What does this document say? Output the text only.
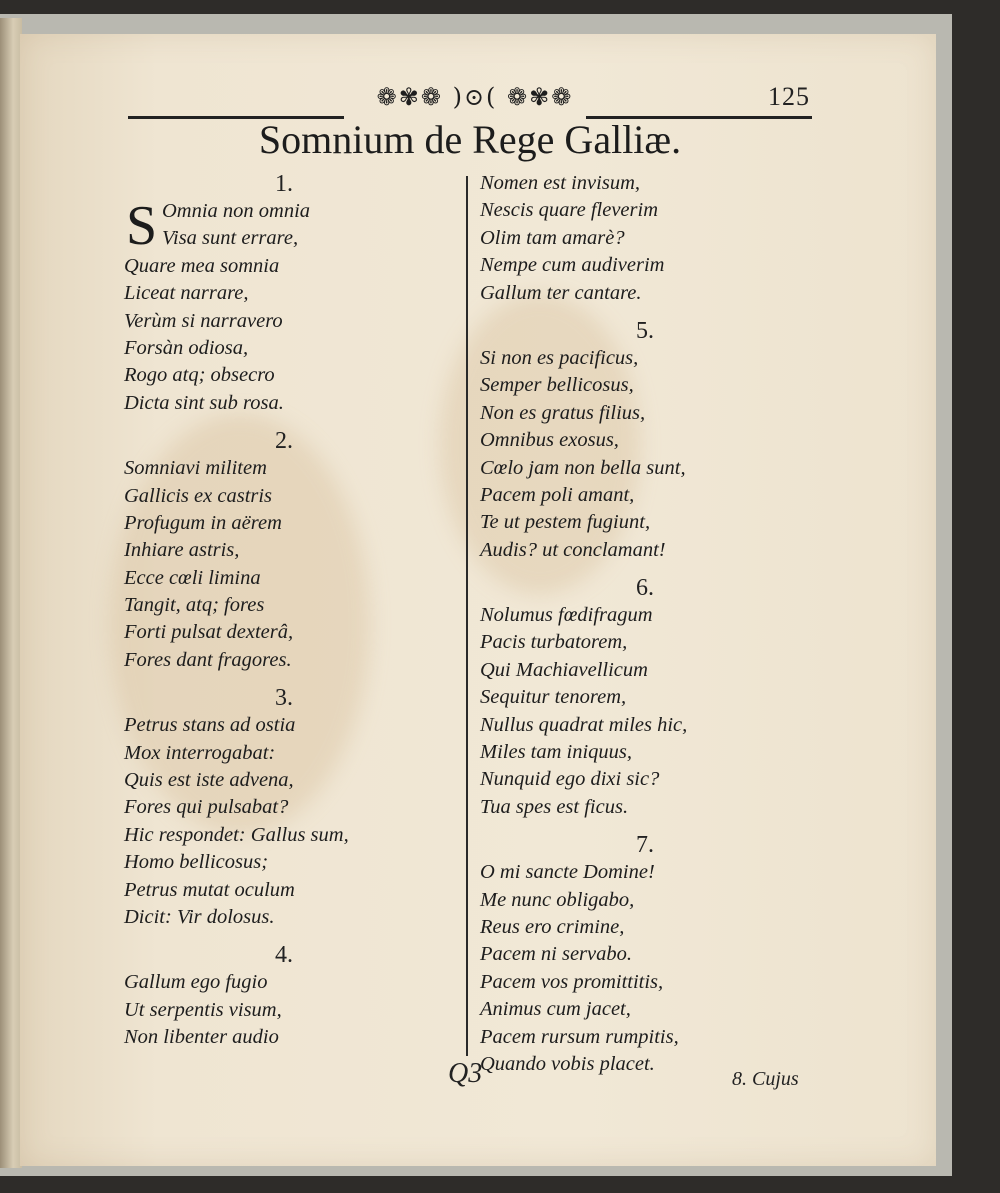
❁✾❁ )⊙( ❁✾❁	125
Somnium de Rege Galliæ.
1.
Omnia non omnia
Visa sunt errare,
Quare mea somnia
Liceat narrare,
Verùm si narravero
Forsàn odiosa,
Rogo atq; obsecro
Dicta sint sub rosa.
2.
Somniavi militem
Gallicis ex castris
Profugum in aërem
Inhiare astris,
Ecce cœli limina
Tangit, atq; fores
Forti pulsat dexterâ,
Fores dant fragores.
3.
Petrus stans ad ostia
Mox interrogabat:
Quis est iste advena,
Fores qui pulsabat?
Hic respondet: Gallus sum,
Homo bellicosus;
Petrus mutat oculum
Dicit: Vir dolosus.
4.
Gallum ego fugio
Ut serpentis visum,
Non libenter audio
S
Nomen est invisum,
Nescis quare fleverim
Olim tam amarè?
Nempe cum audiverim
Gallum ter cantare.
5.
Si non es pacificus,
Semper bellicosus,
Non es gratus filius,
Omnibus exosus,
Cœlo jam non bella sunt,
Pacem poli amant,
Te ut pestem fugiunt,
Audis? ut conclamant!
6.
Nolumus fœdifragum
Pacis turbatorem,
Qui Machiavellicum
Sequitur tenorem,
Nullus quadrat miles hic,
Miles tam iniquus,
Nunquid ego dixi sic?
Tua spes est ficus.
7.
O mi sancte Domine!
Me nunc obligabo,
Reus ero crimine,
Pacem ni servabo.
Pacem vos promittitis,
Animus cum jacet,
Pacem rursum rumpitis,
Quando vobis placet.
Q3	8. Cujus
